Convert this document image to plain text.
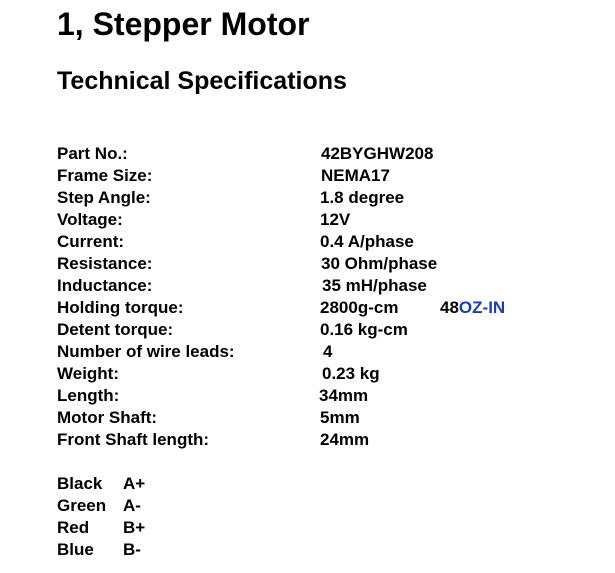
1, Stepper Motor
Technical Specifications
Part No.:	42BYGHW208
Frame Size:	NEMA17
Step Angle:	1.8 degree
Voltage:	12V
Current:	0.4 A/phase
Resistance:	30 Ohm/phase
Inductance:	35 mH/phase
Holding torque:	2800g-cm 48OZ-IN
Detent torque:	0.16 kg-cm
Number of wire leads:	4
Weight:	0.23 kg
Length:	34mm
Motor Shaft:	5mm
Front Shaft length:	24mm
Black A+
Green A-
Red B+
Blue B-
